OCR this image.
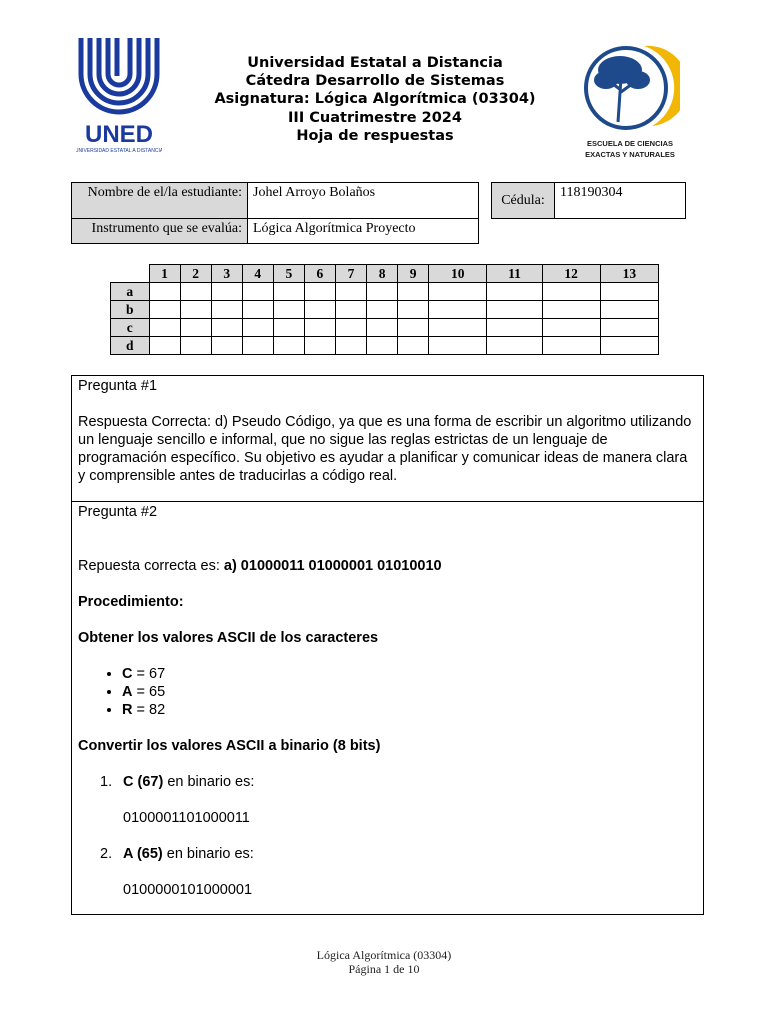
Universidad Estatal a Distancia
Cátedra Desarrollo de Sistemas
Asignatura: Lógica Algorítmica (03304)
III Cuatrimestre 2024
Hoja de respuestas
UNED
UNIVERSIDAD ESTATAL A DISTANCIA
ESCUELA DE CIENCIAS
EXACTAS Y NATURALES
Nombre de el/la estudiante:	Johel Arroyo Bolaños
Instrumento que se evalúa:	Lógica Algorítmica Proyecto
Cédula:	118190304
	1	2	3	4	5	6	7	8	9	10	11	12	13
a													
b													
c													
d													

Pregunta #1

Respuesta Correcta: d) Pseudo Código, ya que es una forma de escribir un algoritmo utilizando un lenguaje sencillo e informal, que no sigue las reglas estrictas de un lenguaje de programación específico. Su objetivo es ayudar a planificar y comunicar ideas de manera clara y comprensible antes de traducirlas a código real.

Pregunta #2

Repuesta correcta es: a) 01000011 01000001 01010010

Procedimiento:

Obtener los valores ASCII de los caracteres

• C = 67
• A = 65
• R = 82

Convertir los valores ASCII a binario (8 bits)

1. C (67) en binario es:
0100001101000011
2. A (65) en binario es:
0100000101000001
Lógica Algorítmica (03304)
Página 1 de 10
